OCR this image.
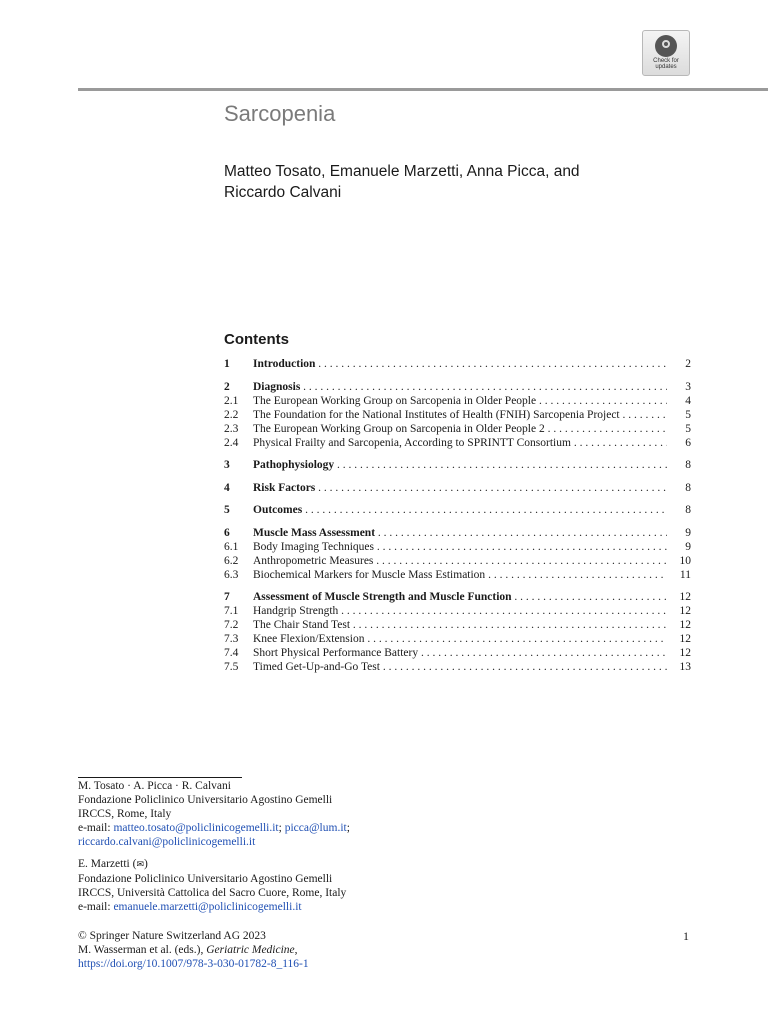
Check for
updates
Sarcopenia
Matteo Tosato, Emanuele Marzetti, Anna Picca, and
Riccardo Calvani
Contents
1 Introduction . . .	2
2 Diagnosis . . .	3
2.1 The European Working Group on Sarcopenia in Older People . . .	4
2.2 The Foundation for the National Institutes of Health (FNIH) Sarcopenia Project . . .	5
2.3 The European Working Group on Sarcopenia in Older People 2 . . .	5
2.4 Physical Frailty and Sarcopenia, According to SPRINTT Consortium . . .	6
3 Pathophysiology . . .	8
4 Risk Factors . . .	8
5 Outcomes . . .	8
6 Muscle Mass Assessment . . .	9
6.1 Body Imaging Techniques . . .	9
6.2 Anthropometric Measures . . .	10
6.3 Biochemical Markers for Muscle Mass Estimation . . .	11
7 Assessment of Muscle Strength and Muscle Function . . .	12
7.1 Handgrip Strength . . .	12
7.2 The Chair Stand Test . . .	12
7.3 Knee Flexion/Extension . . .	12
7.4 Short Physical Performance Battery . . .	12
7.5 Timed Get-Up-and-Go Test . . .	13
M. Tosato · A. Picca · R. Calvani
Fondazione Policlinico Universitario Agostino Gemelli
IRCCS, Rome, Italy
e-mail: matteo.tosato@policlinicogemelli.it; picca@lum.it;
riccardo.calvani@policlinicogemelli.it
E. Marzetti (✉)
Fondazione Policlinico Universitario Agostino Gemelli
IRCCS, Università Cattolica del Sacro Cuore, Rome, Italy
e-mail: emanuele.marzetti@policlinicogemelli.it
© Springer Nature Switzerland AG 2023
M. Wasserman et al. (eds.), Geriatric Medicine,
https://doi.org/10.1007/978-3-030-01782-8_116-1
1
